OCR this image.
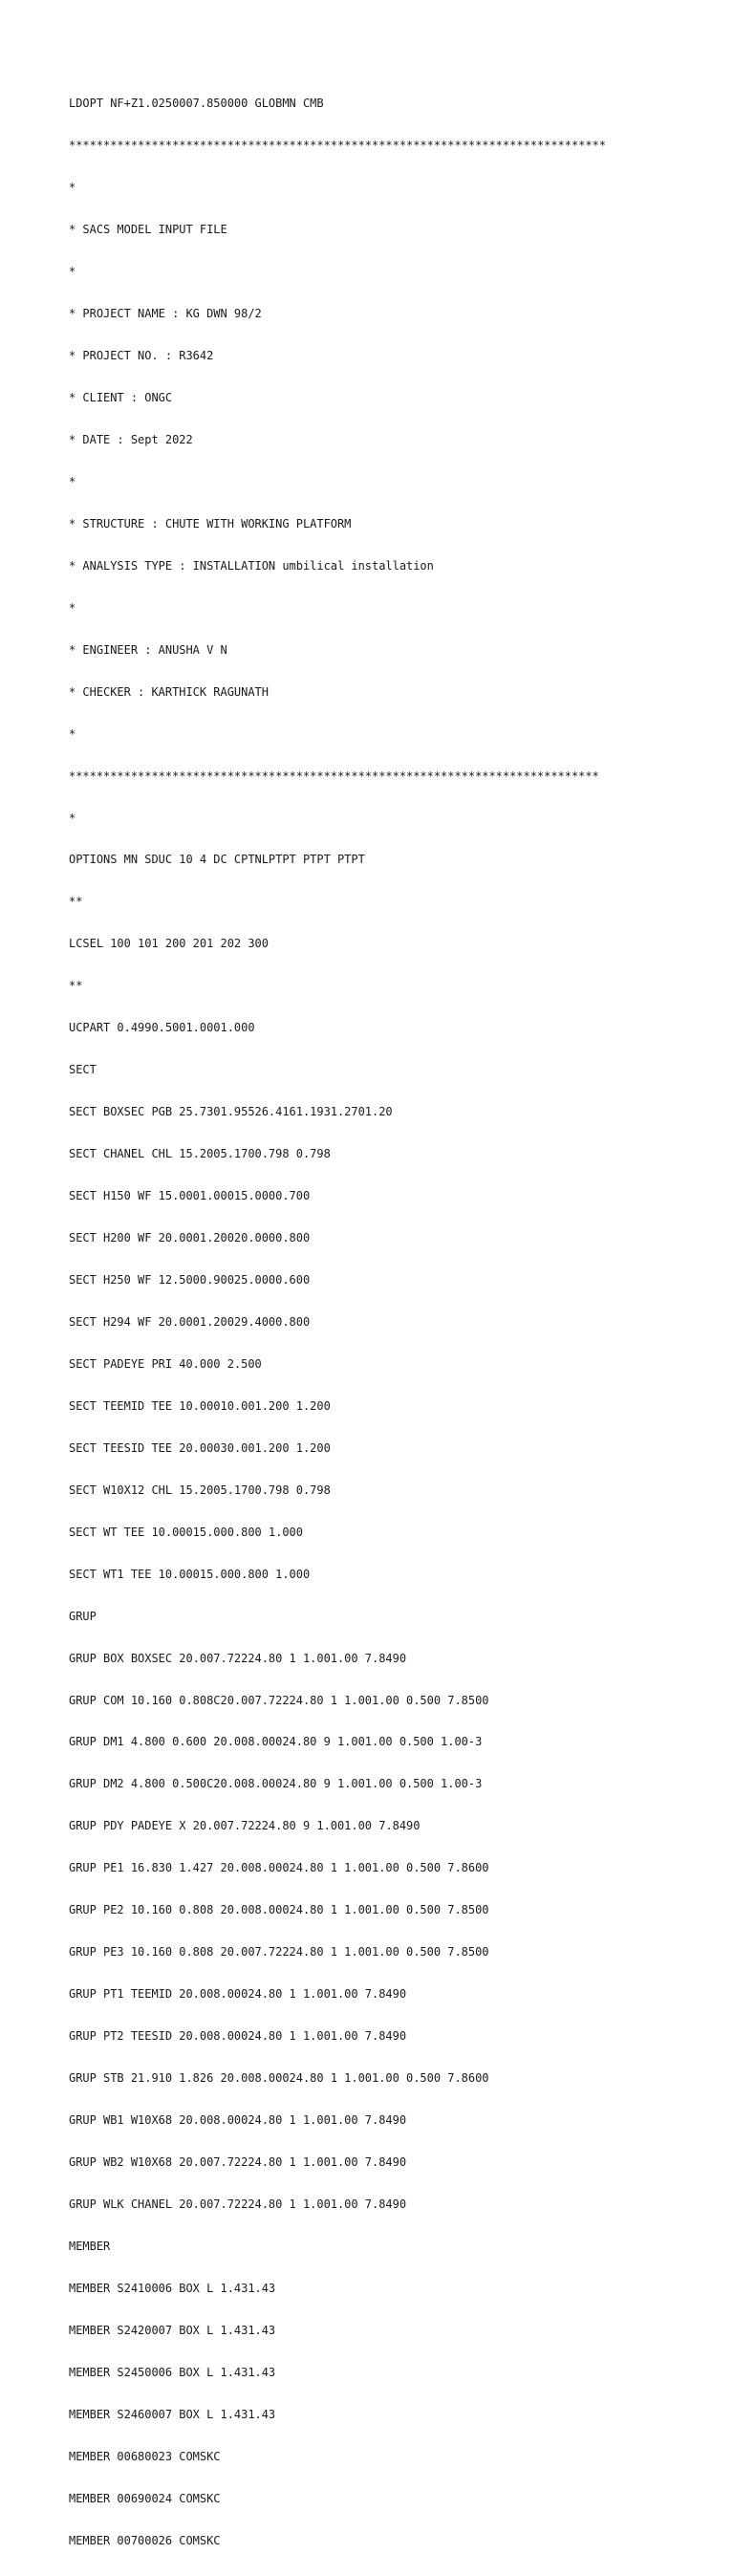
LDOPT NF+Z1.0250007.850000 GLOBMN CMB

******************************************************************************

*

* SACS MODEL INPUT FILE

*

* PROJECT NAME : KG DWN 98/2

* PROJECT NO. : R3642

* CLIENT : ONGC

* DATE : Sept 2022

*

* STRUCTURE : CHUTE WITH WORKING PLATFORM

* ANALYSIS TYPE : INSTALLATION umbilical installation

*

* ENGINEER : ANUSHA V N

* CHECKER : KARTHICK RAGUNATH

*

*****************************************************************************

*

OPTIONS MN SDUC 10 4 DC CPTNLPTPT PTPT PTPT

**

LCSEL 100 101 200 201 202 300

**

UCPART 0.4990.5001.0001.000

SECT

SECT BOXSEC PGB 25.7301.95526.4161.1931.2701.20

SECT CHANEL CHL 15.2005.1700.798 0.798

SECT H150 WF 15.0001.00015.0000.700

SECT H200 WF 20.0001.20020.0000.800

SECT H250 WF 12.5000.90025.0000.600

SECT H294 WF 20.0001.20029.4000.800

SECT PADEYE PRI 40.000 2.500

SECT TEEMID TEE 10.00010.001.200 1.200

SECT TEESID TEE 20.00030.001.200 1.200

SECT W10X12 CHL 15.2005.1700.798 0.798

SECT WT TEE 10.00015.000.800 1.000

SECT WT1 TEE 10.00015.000.800 1.000

GRUP

GRUP BOX BOXSEC 20.007.72224.80 1 1.001.00 7.8490

GRUP COM 10.160 0.808C20.007.72224.80 1 1.001.00 0.500 7.8500

GRUP DM1 4.800 0.600 20.008.00024.80 9 1.001.00 0.500 1.00-3

GRUP DM2 4.800 0.500C20.008.00024.80 9 1.001.00 0.500 1.00-3

GRUP PDY PADEYE X 20.007.72224.80 9 1.001.00 7.8490

GRUP PE1 16.830 1.427 20.008.00024.80 1 1.001.00 0.500 7.8600

GRUP PE2 10.160 0.808 20.008.00024.80 1 1.001.00 0.500 7.8500

GRUP PE3 10.160 0.808 20.007.72224.80 1 1.001.00 0.500 7.8500

GRUP PT1 TEEMID 20.008.00024.80 1 1.001.00 7.8490

GRUP PT2 TEESID 20.008.00024.80 1 1.001.00 7.8490

GRUP STB 21.910 1.826 20.008.00024.80 1 1.001.00 0.500 7.8600

GRUP WB1 W10X68 20.008.00024.80 1 1.001.00 7.8490

GRUP WB2 W10X68 20.007.72224.80 1 1.001.00 7.8490

GRUP WLK CHANEL 20.007.72224.80 1 1.001.00 7.8490

MEMBER

MEMBER S2410006 BOX L 1.431.43

MEMBER S2420007 BOX L 1.431.43

MEMBER S2450006 BOX L 1.431.43

MEMBER S2460007 BOX L 1.431.43

MEMBER 00680023 COMSKC

MEMBER 00690024 COMSKC

MEMBER 00700026 COMSKC
